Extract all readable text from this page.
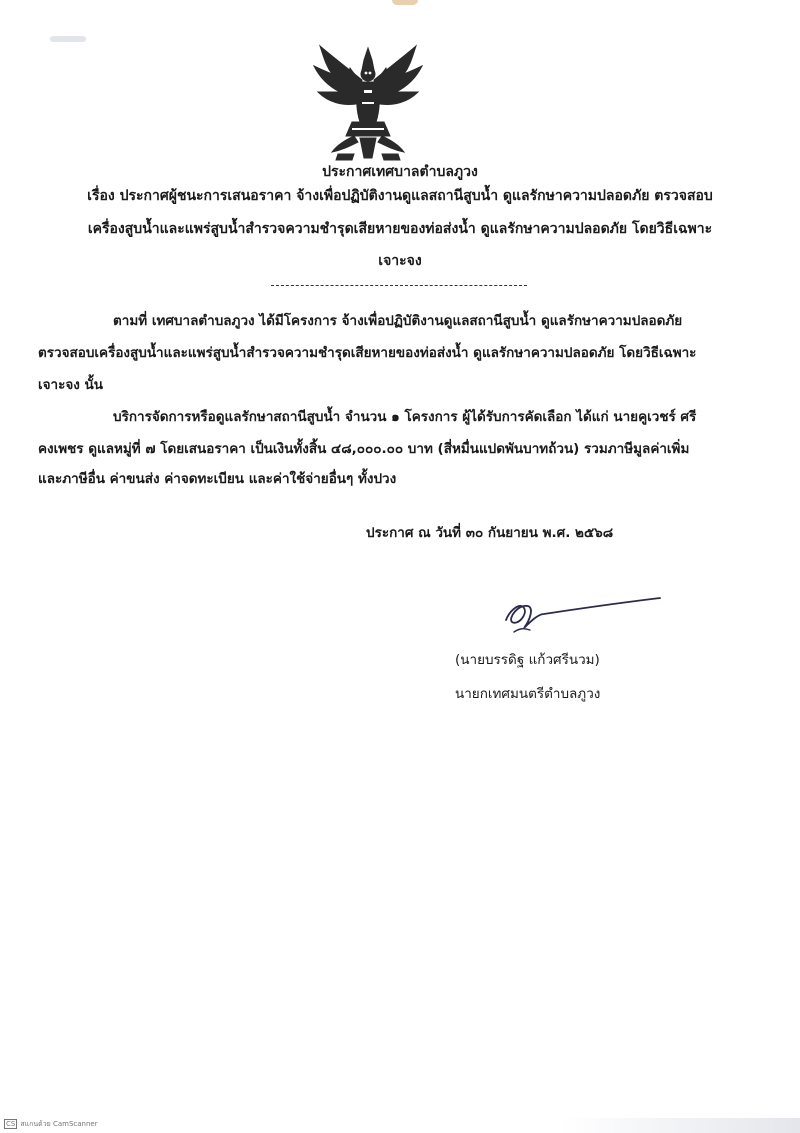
ประกาศเทศบาลตำบลภูวง
เรื่อง ประกาศผู้ชนะการเสนอราคา จ้างเพื่อปฏิบัติงานดูแลสถานีสูบน้ำ ดูแลรักษาความปลอดภัย ตรวจสอบ
เครื่องสูบน้ำและแพร่สูบน้ำสำรวจความชำรุดเสียหายของท่อส่งน้ำ ดูแลรักษาความปลอดภัย โดยวิธีเฉพาะ
เจาะจง
ตามที่ เทศบาลตำบลภูวง ได้มีโครงการ จ้างเพื่อปฏิบัติงานดูแลสถานีสูบน้ำ ดูแลรักษาความปลอดภัย
ตรวจสอบเครื่องสูบน้ำและแพร่สูบน้ำสำรวจความชำรุดเสียหายของท่อส่งน้ำ ดูแลรักษาความปลอดภัย โดยวิธีเฉพาะ
เจาะจง นั้น
บริการจัดการหรือดูแลรักษาสถานีสูบน้ำ จำนวน ๑ โครงการ ผู้ได้รับการคัดเลือก ได้แก่ นายคูเวชร์ ศรี
คงเพชร ดูแลหมู่ที่ ๗ โดยเสนอราคา เป็นเงินทั้งสิ้น ๔๘,๐๐๐.๐๐ บาท (สี่หมื่นแปดพันบาทถ้วน) รวมภาษีมูลค่าเพิ่ม
และภาษีอื่น ค่าขนส่ง ค่าจดทะเบียน และค่าใช้จ่ายอื่นๆ ทั้งปวง
ประกาศ ณ วันที่ ๓๐ กันยายน พ.ศ. ๒๕๖๘
(นายบรรดิฐ แก้วศรีนวม)
นายกเทศมนตรีตำบลภูวง
CS สแกนด้วย CamScanner
